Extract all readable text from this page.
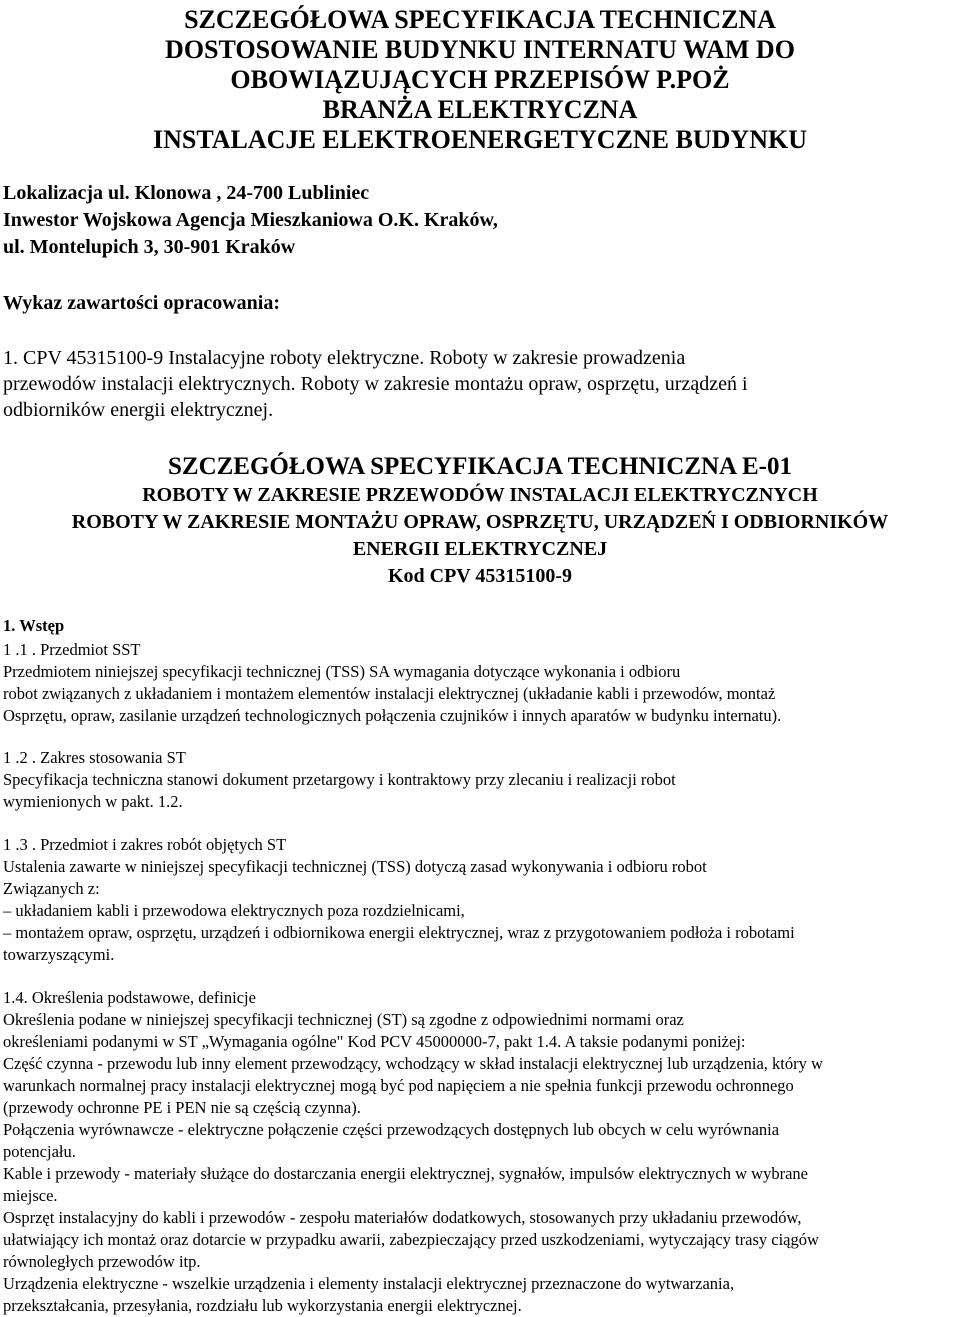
SZCZEGÓŁOWA SPECYFIKACJA TECHNICZNA
DOSTOSOWANIE BUDYNKU INTERNATU WAM DO
OBOWIĄZUJĄCYCH PRZEPISÓW P.POŻ
BRANŻA ELEKTRYCZNA
INSTALACJE ELEKTROENERGETYCZNE BUDYNKU

Lokalizacja ul. Klonowa , 24-700 Lubliniec
Inwestor Wojskowa Agencja Mieszkaniowa O.K. Kraków,
ul. Montelupich 3, 30-901 Kraków

Wykaz zawartości opracowania:

1. CPV 45315100-9 Instalacyjne roboty elektryczne. Roboty w zakresie prowadzenia
przewodów instalacji elektrycznych. Roboty w zakresie montażu opraw, osprzętu, urządzeń i
odbiorników energii elektrycznej.

SZCZEGÓŁOWA SPECYFIKACJA TECHNICZNA E-01
ROBOTY W ZAKRESIE PRZEWODÓW INSTALACJI ELEKTRYCZNYCH
ROBOTY W ZAKRESIE MONTAŻU OPRAW, OSPRZĘTU, URZĄDZEŃ I ODBIORNIKÓW
ENERGII ELEKTRYCZNEJ
Kod CPV 45315100-9
1. Wstęp
1 .1 . Przedmiot SST
Przedmiotem niniejszej specyfikacji technicznej (TSS) SA wymagania dotyczące wykonania i odbioru
robot związanych z układaniem i montażem elementów instalacji elektrycznej (układanie kabli i przewodów, montaż
Osprzętu, opraw, zasilanie urządzeń technologicznych połączenia czujników i innych aparatów w budynku internatu).
1 .2 . Zakres stosowania ST
Specyfikacja techniczna stanowi dokument przetargowy i kontraktowy przy zlecaniu i realizacji robot
wymienionych w pakt. 1.2.
1 .3 . Przedmiot i zakres robót objętych ST
Ustalenia zawarte w niniejszej specyfikacji technicznej (TSS) dotyczą zasad wykonywania i odbioru robot
Związanych z:
– układaniem kabli i przewodowa elektrycznych poza rozdzielnicami,
– montażem opraw, osprzętu, urządzeń i odbiornikowa energii elektrycznej, wraz z przygotowaniem podłoża i robotami
towarzyszącymi.
1.4. Określenia podstawowe, definicje
Określenia podane w niniejszej specyfikacji technicznej (ST) są zgodne z odpowiednimi normami oraz
określeniami podanymi w ST „Wymagania ogólne" Kod PCV 45000000-7, pakt 1.4. A taksie podanymi poniżej:
Część czynna - przewodu lub inny element przewodzący, wchodzący w skład instalacji elektrycznej lub urządzenia, który w
warunkach normalnej pracy instalacji elektrycznej mogą być pod napięciem a nie spełnia funkcji przewodu ochronnego
(przewody ochronne PE i PEN nie są częścią czynna).
Połączenia wyrównawcze - elektryczne połączenie części przewodzących dostępnych lub obcych w celu wyrównania
potencjału.
Kable i przewody - materiały służące do dostarczania energii elektrycznej, sygnałów, impulsów elektrycznych w wybrane
miejsce.
Osprzęt instalacyjny do kabli i przewodów - zespołu materiałów dodatkowych, stosowanych przy układaniu przewodów,
ułatwiający ich montaż oraz dotarcie w przypadku awarii, zabezpieczający przed uszkodzeniami, wytyczający trasy ciągów
równoległych przewodów itp.
Urządzenia elektryczne - wszelkie urządzenia i elementy instalacji elektrycznej przeznaczone do wytwarzania,
przekształcania, przesyłania, rozdziału lub wykorzystania energii elektrycznej.
